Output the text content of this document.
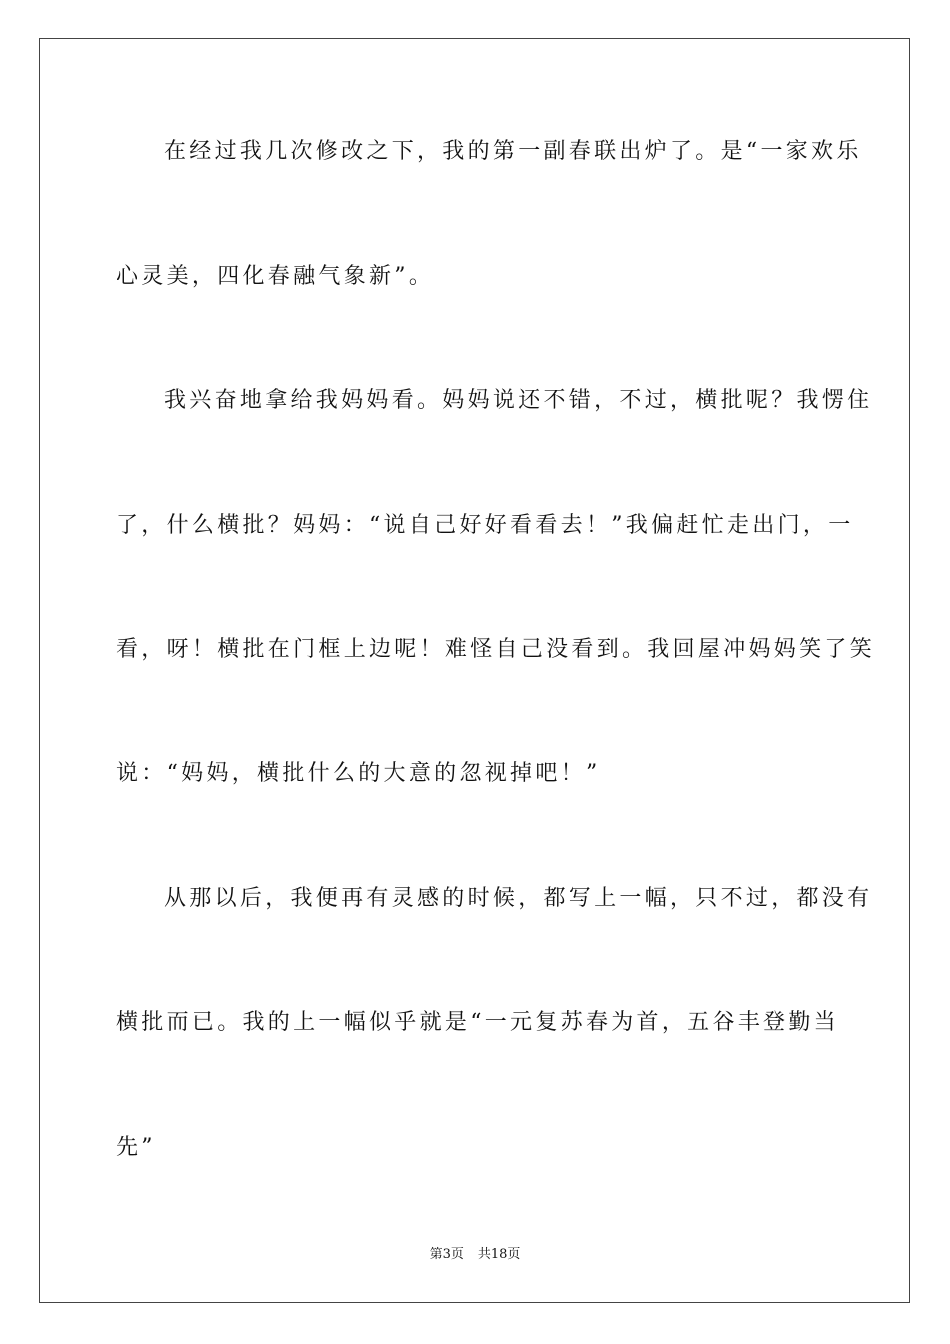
在经过我几次修改之下，我的第一副春联出炉了。是“一家欢乐
心灵美，四化春融气象新”。
我兴奋地拿给我妈妈看。妈妈说还不错，不过，横批呢？我愣住
了，什么横批？妈妈：“说自己好好看看去！”我偏赶忙走出门，一
看，呀！横批在门框上边呢！难怪自己没看到。我回屋冲妈妈笑了笑
说：“妈妈，横批什么的大意的忽视掉吧！”
从那以后，我便再有灵感的时候，都写上一幅，只不过，都没有
横批而已。我的上一幅似乎就是“一元复苏春为首，五谷丰登勤当
先”
第3页 共18页
